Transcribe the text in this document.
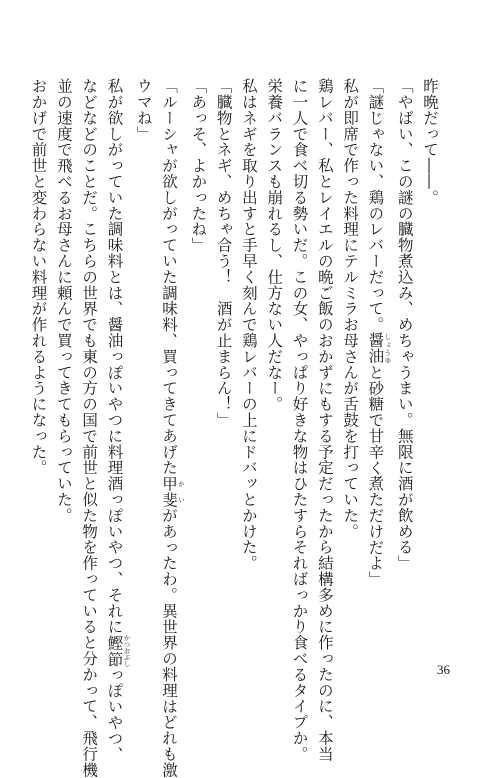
昨晩だって――。
「やばい、この謎の臓物煮込み、めちゃうまい。無限に酒が飲める」
「謎じゃない、鶏のレバーだって。醤油 しょうゆと砂糖で甘辛く煮ただけだよ」
私が即席で作った料理にテルミラお母さんが舌鼓を打っていた。
鶏レバー、私とレイエルの晩ご飯のおかずにもする予定だったから結構多めに作ったのに、本当
に一人で食べ切る勢いだ。この女、やっぱり好きな物はひたすらそればっかり食べるタイプか。
栄養バランスも崩れるし、仕方ない人だなー。
私はネギを取り出すと手早く刻んで鶏レバーの上にドバッとかけた。
「臓物とネギ、めちゃ合う！　酒が止まらん！」
「あっそ、よかったね」
「ルーシャが欲しがっていた調味料、買ってきてあげた甲斐 かいがあったわ。異世界の料理はどれも激
ウマね」
私が欲しがっていた調味料とは、醤油っぽいやつに料理酒っぽいやつ、それに鰹節 かつおぶしっぽいやつ、
などなどのことだ。こちらの世界でも東の方の国で前世と似た物を作っていると分かって、飛行機
並の速度で飛べるお母さんに頼んで買ってきてもらっていた。
おかげで前世と変わらない料理が作れるようになった。
36
